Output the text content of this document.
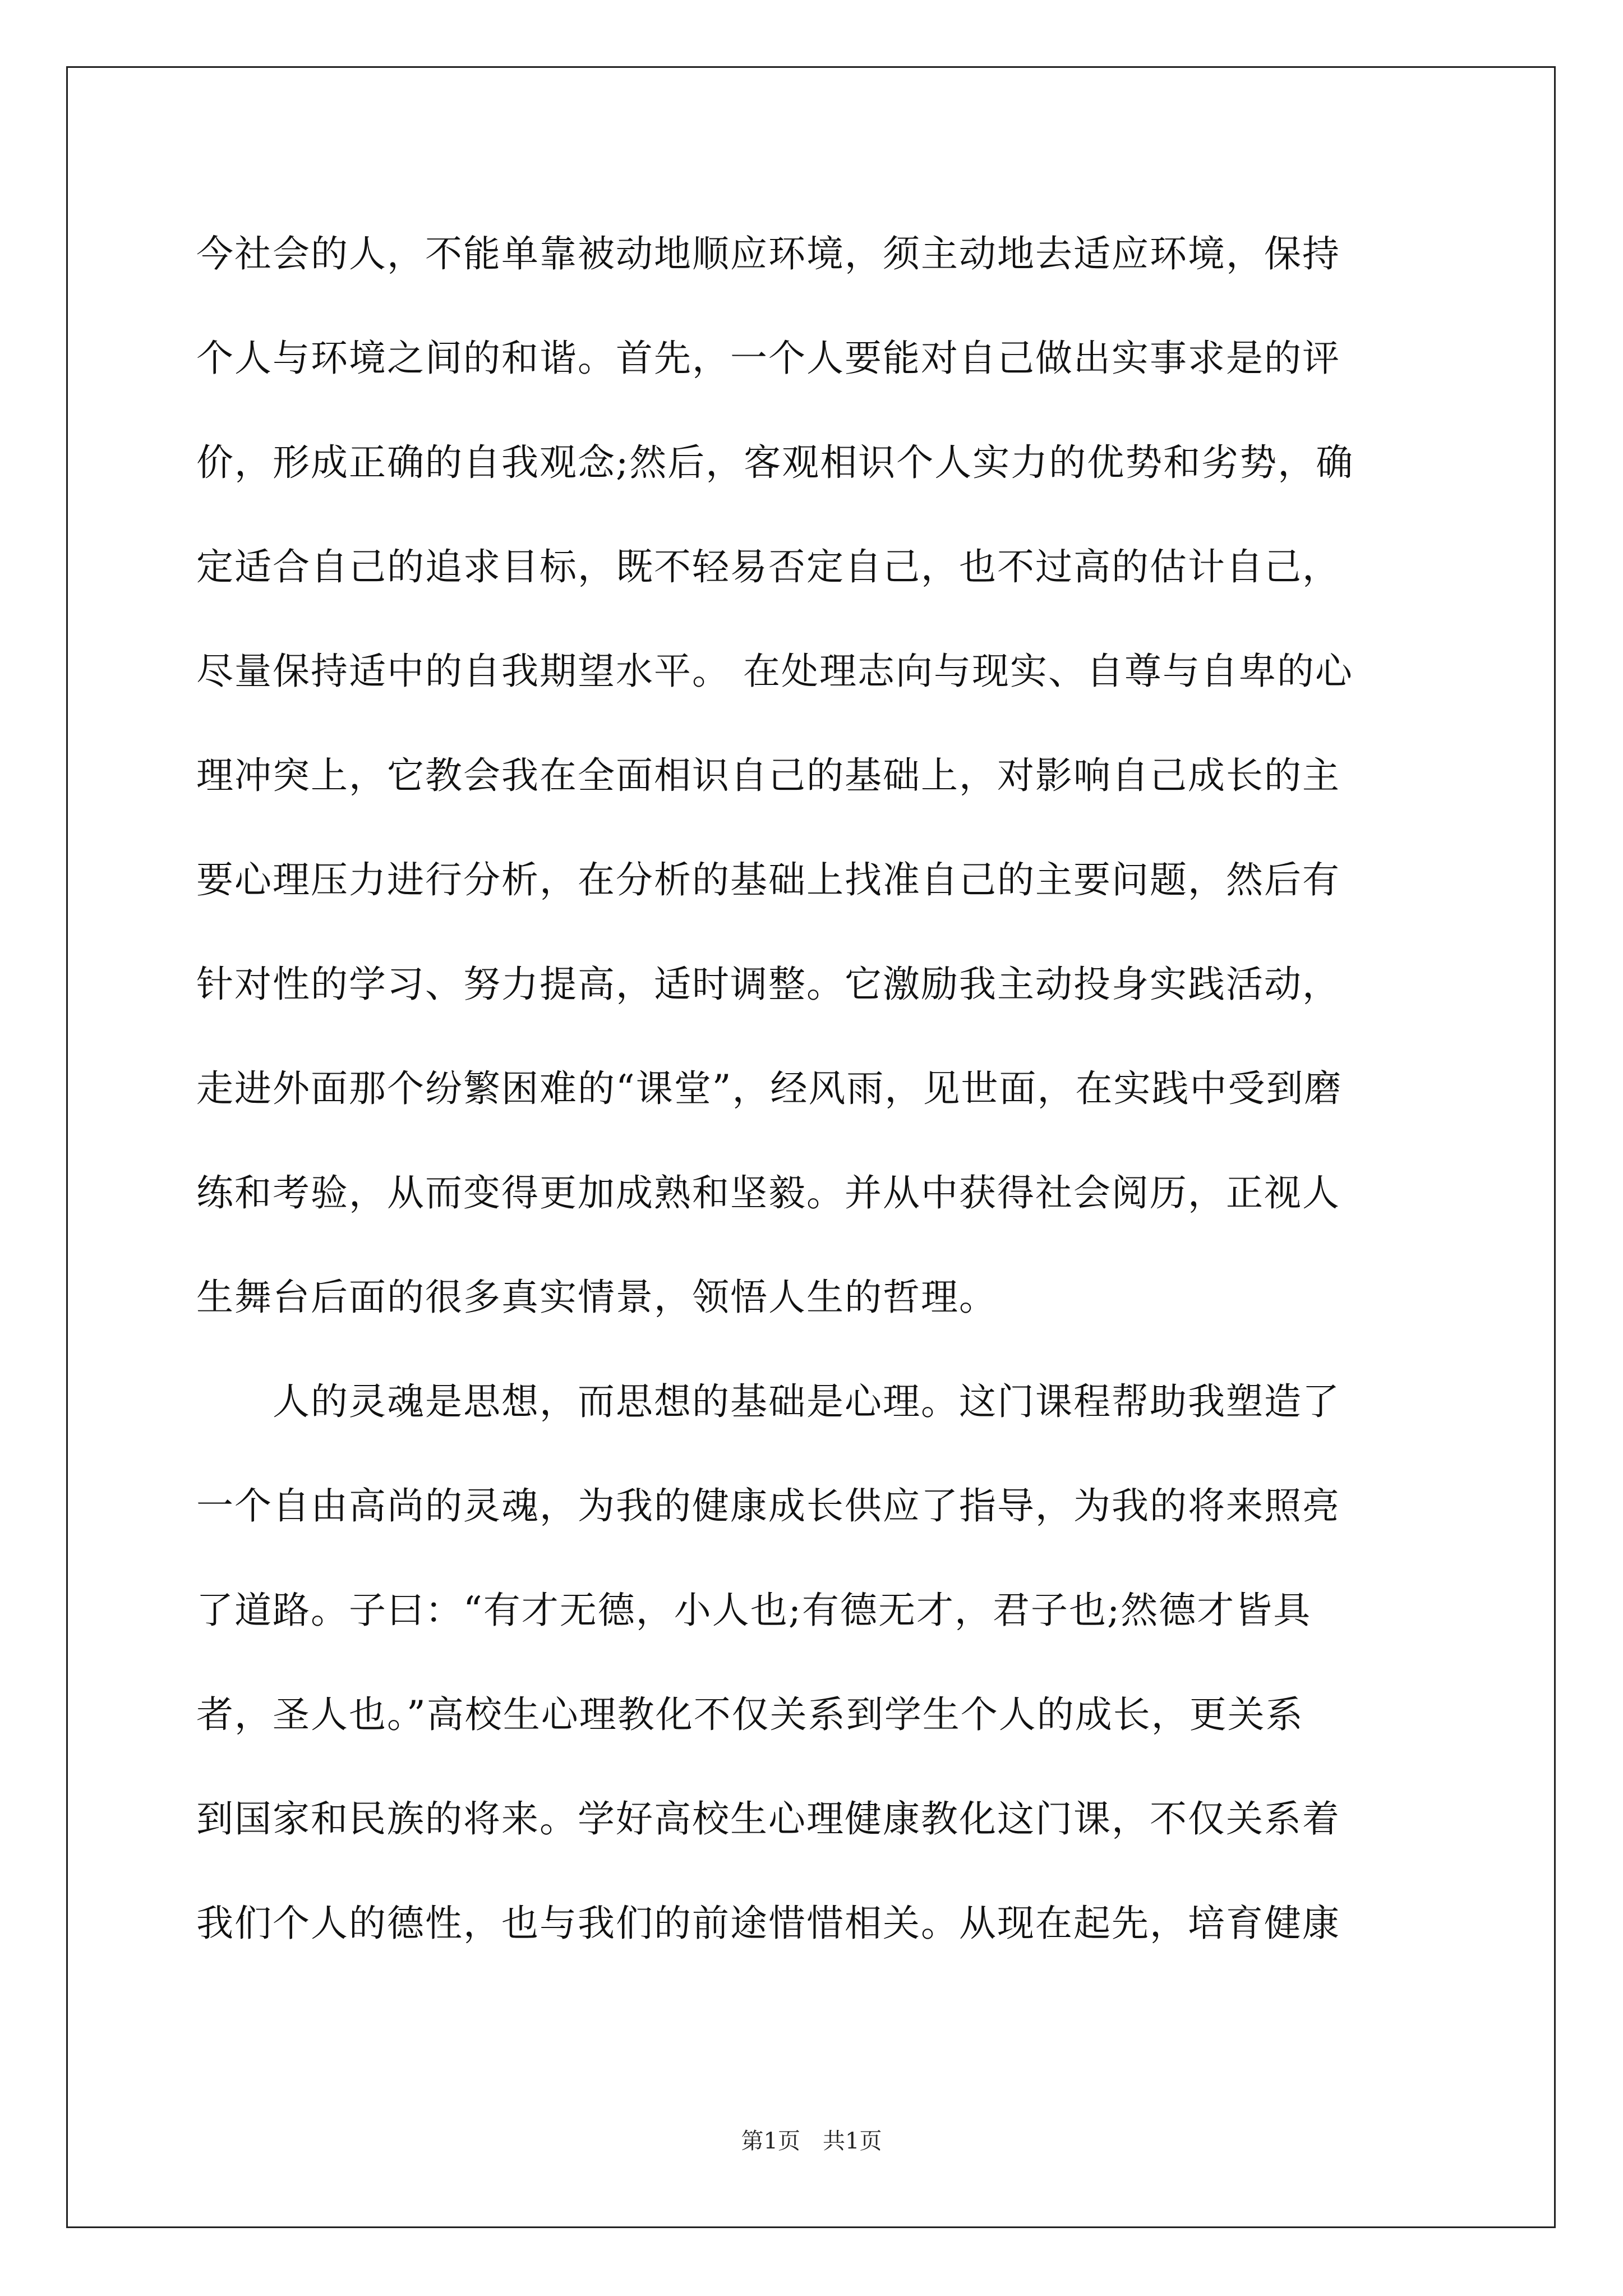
今社会的人，不能单靠被动地顺应环境，须主动地去适应环境，保持
个人与环境之间的和谐。首先，一个人要能对自己做出实事求是的评
价，形成正确的自我观念;然后，客观相识个人实力的优势和劣势，确
定适合自己的追求目标，既不轻易否定自己，也不过高的估计自己，
尽量保持适中的自我期望水平。 在处理志向与现实、自尊与自卑的心
理冲突上，它教会我在全面相识自己的基础上，对影响自己成长的主
要心理压力进行分析，在分析的基础上找准自己的主要问题，然后有
针对性的学习、努力提高，适时调整。它激励我主动投身实践活动，
走进外面那个纷繁困难的“课堂”，经风雨，见世面，在实践中受到磨
练和考验，从而变得更加成熟和坚毅。并从中获得社会阅历，正视人
生舞台后面的很多真实情景，领悟人生的哲理。
　　人的灵魂是思想，而思想的基础是心理。这门课程帮助我塑造了
一个自由高尚的灵魂，为我的健康成长供应了指导，为我的将来照亮
了道路。子曰：“有才无德，小人也;有德无才，君子也;然德才皆具
者，圣人也。”高校生心理教化不仅关系到学生个人的成长，更关系
到国家和民族的将来。学好高校生心理健康教化这门课，不仅关系着
我们个人的德性，也与我们的前途惜惜相关。从现在起先，培育健康
第1页 共1页
